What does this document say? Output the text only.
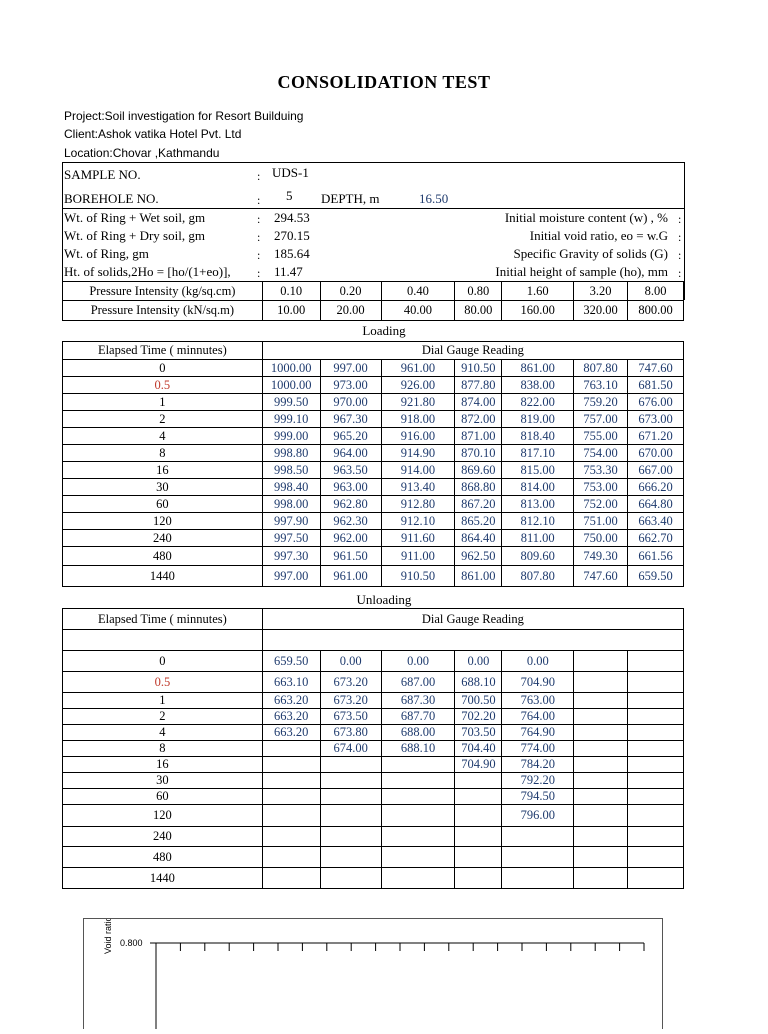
CONSOLIDATION TEST
Project:Soil investigation for Resort Builduing
Client:Ashok vatika Hotel Pvt. Ltd
Location:Chovar ,Kathmandu
SAMPLE NO.	: UDS-1
BOREHOLE NO.	: 5 DEPTH, m	16.50
Wt. of Ring + Wet soil, gm	: 294.53
Wt. of Ring + Dry soil, gm	: 270.15
Wt. of Ring, gm	: 185.64
Ht. of solids,2Ho = [ho/(1+eo)], : 11.47
Initial moisture content (w) , % :
Initial void ratio, eo = w.G :
Specific Gravity of solids (G) :
Initial height of sample (ho), mm :
Pressure Intensity (kg/sq.cm)	0.10	0.20	0.40	0.80	1.60	3.20	8.00
Pressure Intensity (kN/sq.m)	10.00	20.00	40.00	80.00	160.00	320.00	800.00
Loading
Elapsed Time ( minnutes)	Dial Gauge Reading						
0	1000.00	997.00	961.00	910.50	861.00	807.80	747.60
0.5	1000.00	973.00	926.00	877.80	838.00	763.10	681.50
1	999.50	970.00	921.80	874.00	822.00	759.20	676.00
2	999.10	967.30	918.00	872.00	819.00	757.00	673.00
4	999.00	965.20	916.00	871.00	818.40	755.00	671.20
8	998.80	964.00	914.90	870.10	817.10	754.00	670.00
16	998.50	963.50	914.00	869.60	815.00	753.30	667.00
30	998.40	963.00	913.40	868.80	814.00	753.00	666.20
60	998.00	962.80	912.80	867.20	813.00	752.00	664.80
120	997.90	962.30	912.10	865.20	812.10	751.00	663.40
240	997.50	962.00	911.60	864.40	811.00	750.00	662.70
480	997.30	961.50	911.00	962.50	809.60	749.30	661.56
1440	997.00	961.00	910.50	861.00	807.80	747.60	659.50
Unloading
Elapsed Time ( minnutes)	Dial Gauge Reading						

0	659.50	0.00	0.00	0.00	0.00		
0.5	663.10	673.20	687.00	688.10	704.90		
1	663.20	673.20	687.30	700.50	763.00		
2	663.20	673.50	687.70	702.20	764.00		
4	663.20	673.80	688.00	703.50	764.90		
8		674.00	688.10	704.40	774.00		
16				704.90	784.20		
30					792.20		
60					794.50		
120					796.00		
240							
480							
1440							
Void ratio, e 0.800
